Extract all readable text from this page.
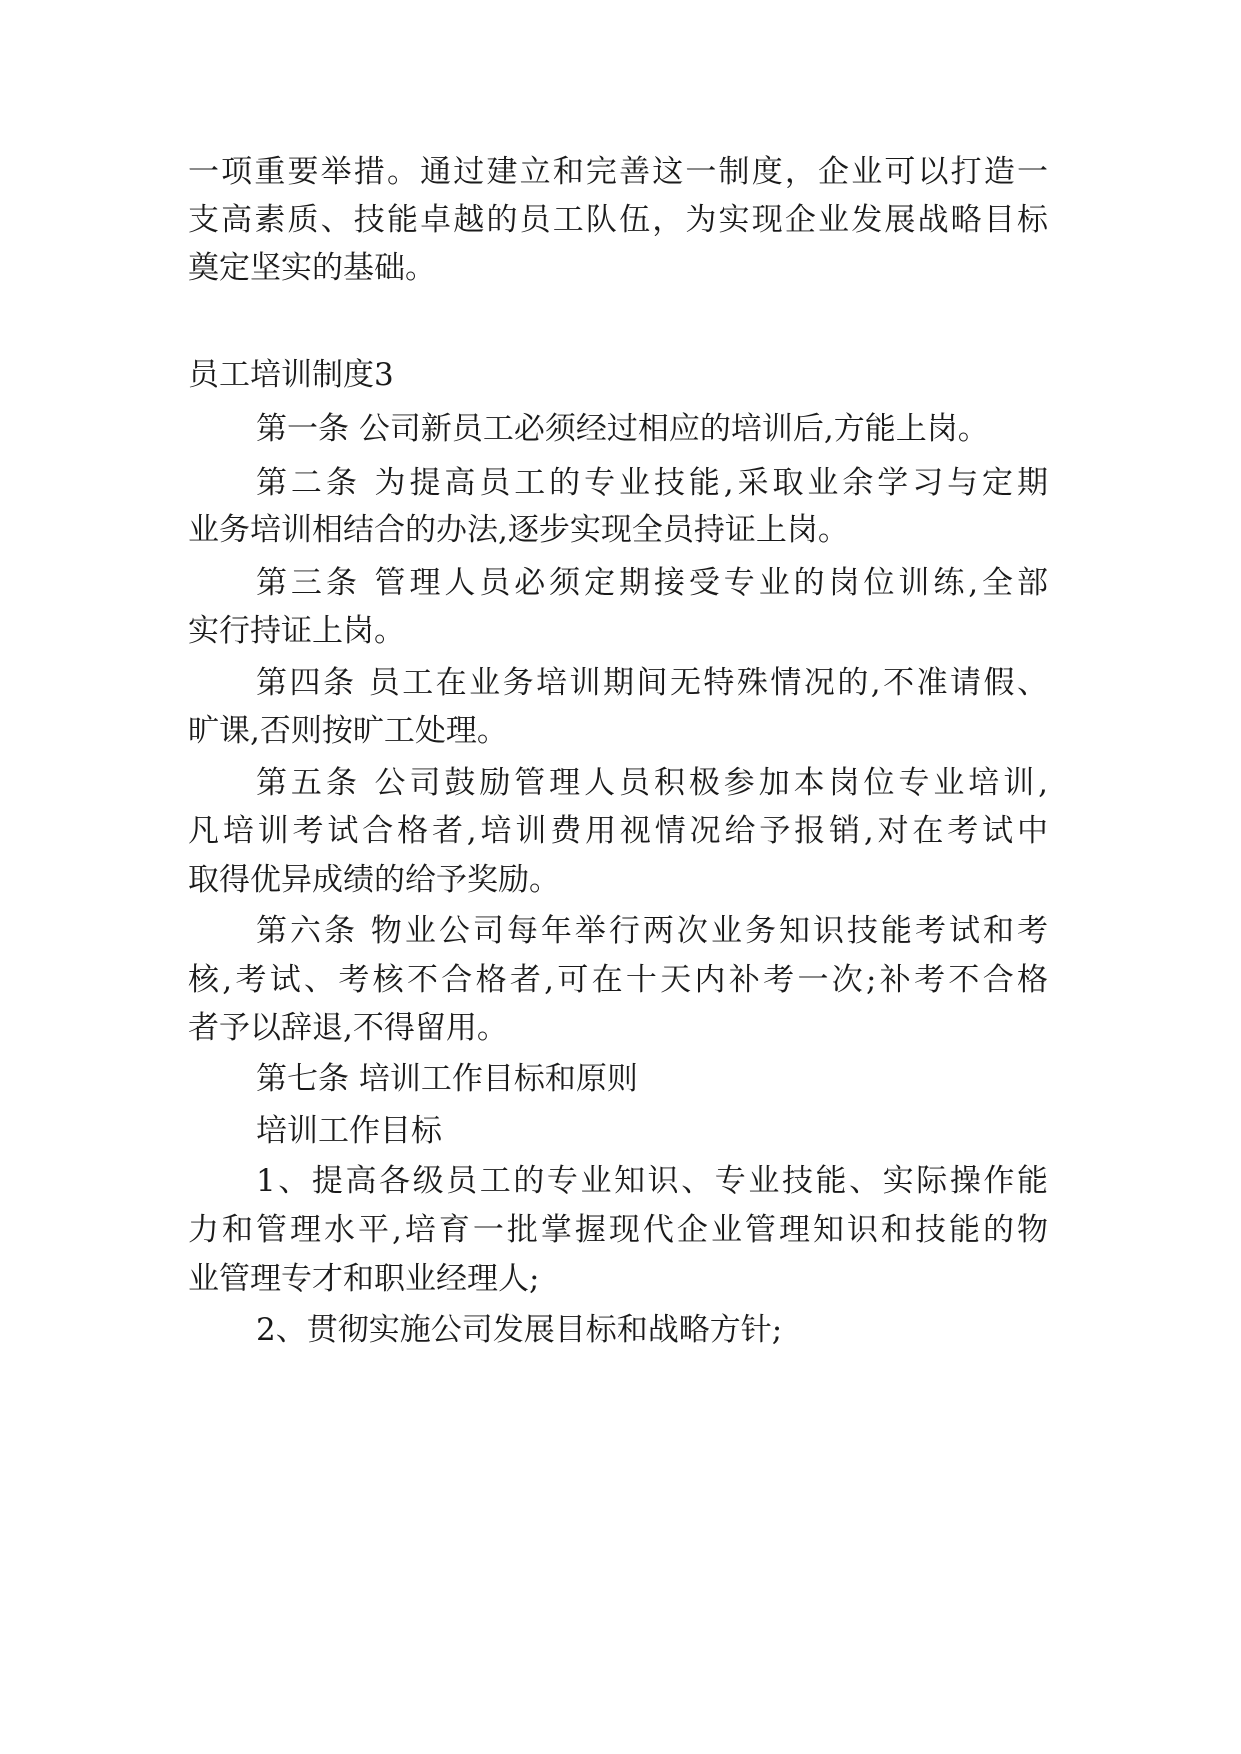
一项重要举措。通过建立和完善这一制度，企业可以打造一

支高素质、技能卓越的员工队伍，为实现企业发展战略目标

奠定坚实的基础。

员工培训制度3

第一条 公司新员工必须经过相应的培训后,方能上岗。

第二条 为提高员工的专业技能,采取业余学习与定期

业务培训相结合的办法,逐步实现全员持证上岗。

第三条 管理人员必须定期接受专业的岗位训练,全部

实行持证上岗。

第四条 员工在业务培训期间无特殊情况的,不准请假、

旷课,否则按旷工处理。

第五条 公司鼓励管理人员积极参加本岗位专业培训,

凡培训考试合格者,培训费用视情况给予报销,对在考试中

取得优异成绩的给予奖励。

第六条 物业公司每年举行两次业务知识技能考试和考

核,考试、考核不合格者,可在十天内补考一次;补考不合格

者予以辞退,不得留用。

第七条 培训工作目标和原则

培训工作目标

1、提高各级员工的专业知识、专业技能、实际操作能

力和管理水平,培育一批掌握现代企业管理知识和技能的物

业管理专才和职业经理人;

2、贯彻实施公司发展目标和战略方针;
